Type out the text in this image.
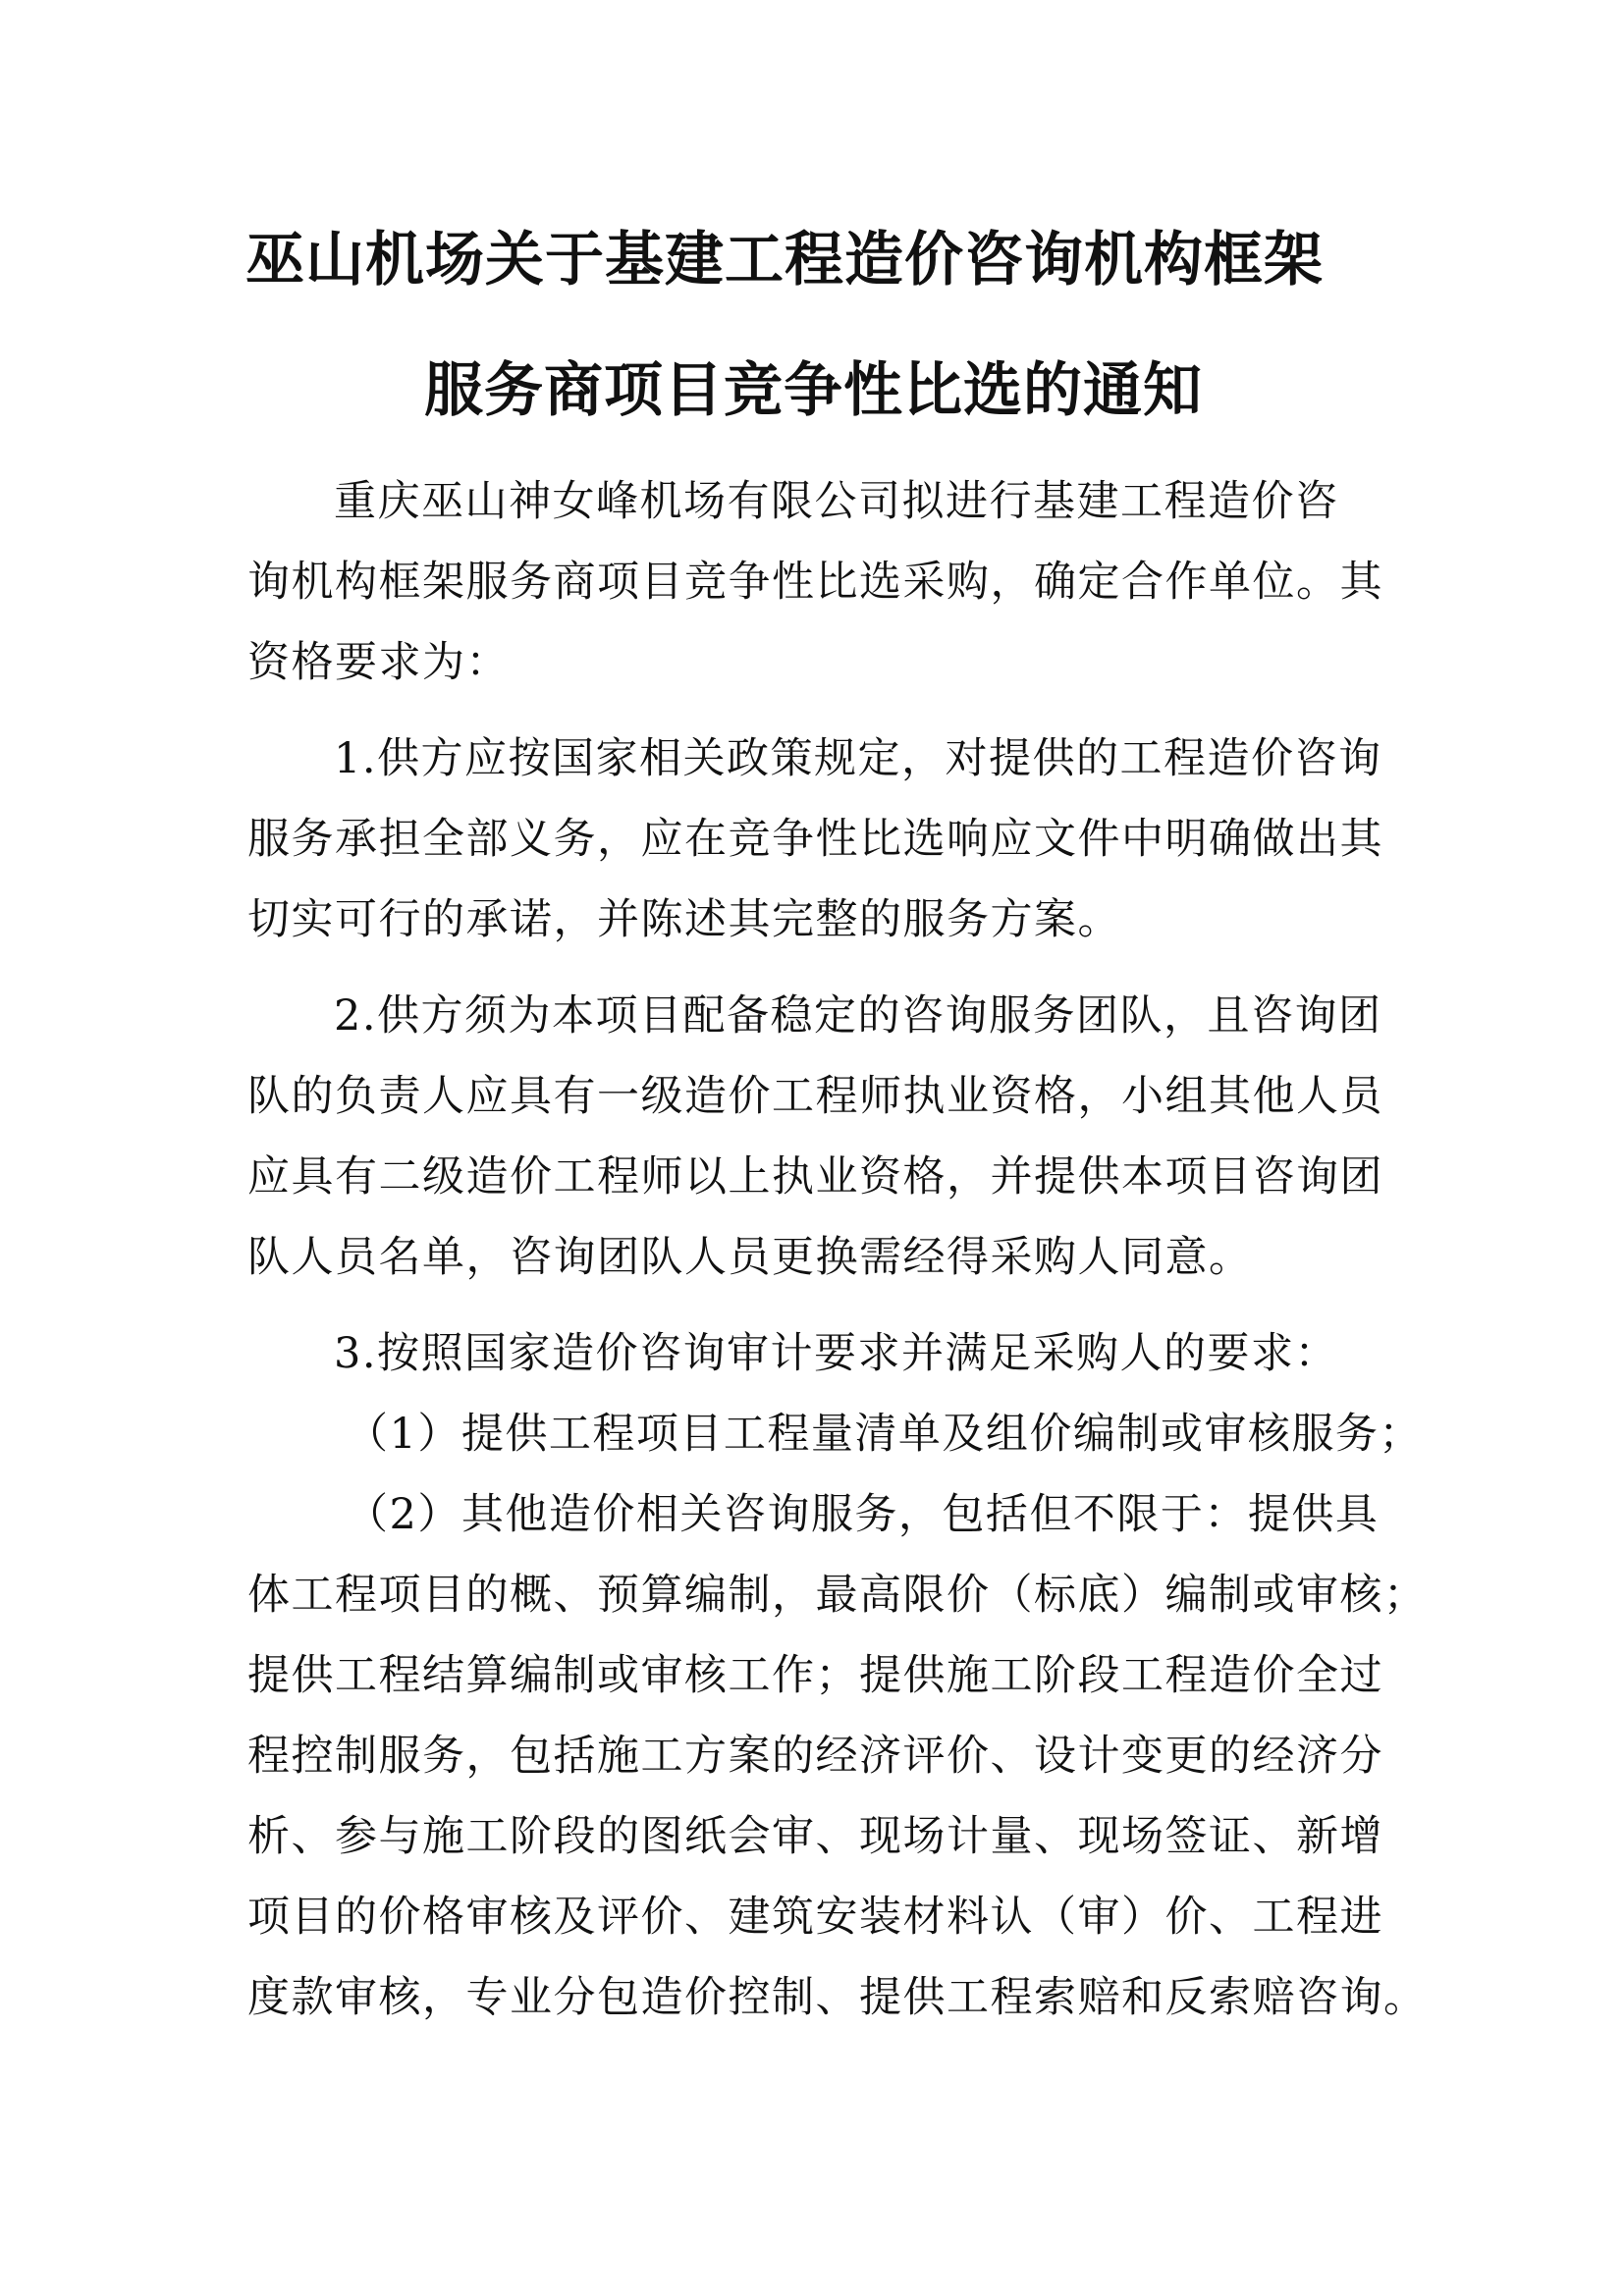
巫山机场关于基建工程造价咨询机构框架
服务商项目竞争性比选的通知

重庆巫山神女峰机场有限公司拟进行基建工程造价咨

询机构框架服务商项目竞争性比选采购，确定合作单位。其

资格要求为：

1.供方应按国家相关政策规定，对提供的工程造价咨询

服务承担全部义务，应在竞争性比选响应文件中明确做出其

切实可行的承诺，并陈述其完整的服务方案。

2.供方须为本项目配备稳定的咨询服务团队，且咨询团

队的负责人应具有一级造价工程师执业资格，小组其他人员

应具有二级造价工程师以上执业资格，并提供本项目咨询团

队人员名单，咨询团队人员更换需经得采购人同意。

3.按照国家造价咨询审计要求并满足采购人的要求：

（1）提供工程项目工程量清单及组价编制或审核服务；

（2）其他造价相关咨询服务，包括但不限于：提供具

体工程项目的概、预算编制，最高限价（标底）编制或审核；

提供工程结算编制或审核工作；提供施工阶段工程造价全过

程控制服务，包括施工方案的经济评价、设计变更的经济分

析、参与施工阶段的图纸会审、现场计量、现场签证、新增

项目的价格审核及评价、建筑安装材料认（审）价、工程进

度款审核，专业分包造价控制、提供工程索赔和反索赔咨询。
